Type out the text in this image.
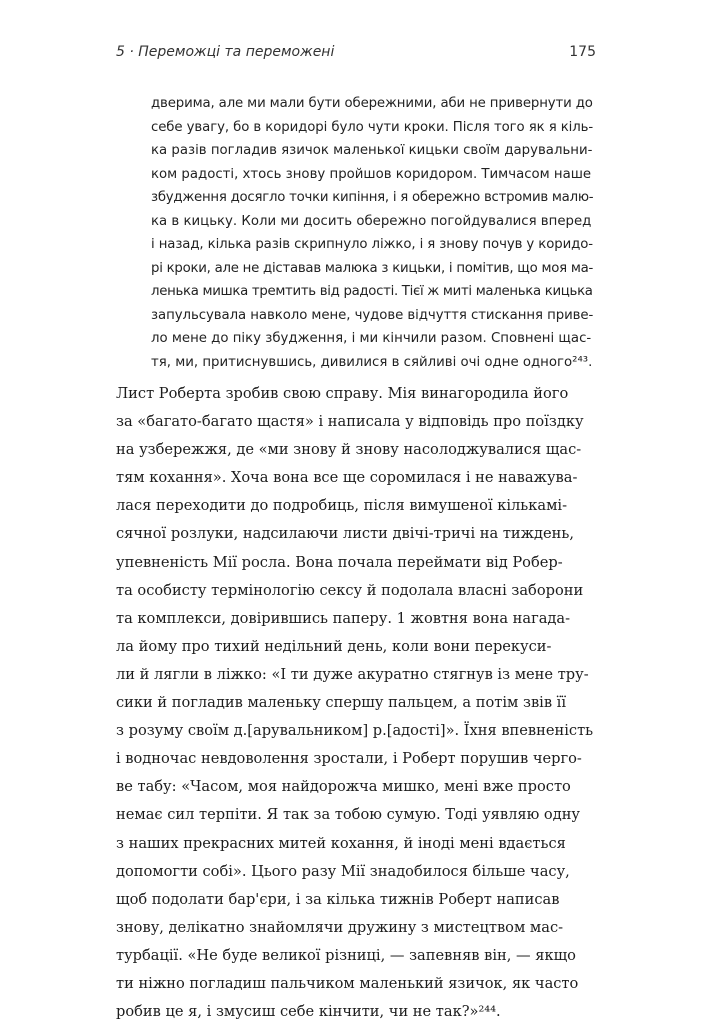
5 · Переможці та переможені	175
дверима, але ми мали бути обережними, аби не привернути до
себе увагу, бо в коридорі було чути кроки. Після того як я кіль-
ка разів погладив язичок маленької кицьки своїм дарувальни-
ком радості, хтось знову пройшов коридором. Тимчасом наше
збудження досягло точки кипіння, і я обережно встромив малю-
ка в кицьку. Коли ми досить обережно погойдувалися вперед
і назад, кілька разів скрипнуло ліжко, і я знову почув у коридо-
рі кроки, але не діставав малюка з кицьки, і помітив, що моя ма-
ленька мишка тремтить від радості. Тієї ж миті маленька кицька
запульсувала навколо мене, чудове відчуття стискання приве-
ло мене до піку збудження, і ми кінчили разом. Сповнені щас-
тя, ми, притиснувшись, дивилися в сяйливі очі одне одного²⁴³.
Лист Роберта зробив свою справу. Мія винагородила його
за «багато-багато щастя» і написала у відповідь про поїздку
на узбережжя, де «ми знову й знову насолоджувалися щас-
тям кохання». Хоча вона все ще соромилася і не наважува-
лася переходити до подробиць, після вимушеної кількамі-
сячної розлуки, надсилаючи листи двічі-тричі на тиждень,
упевненість Мії росла. Вона почала переймати від Робер-
та особисту термінологію сексу й подолала власні заборони
та комплекси, довірившись паперу. 1 жовтня вона нагада-
ла йому про тихий недільний день, коли вони перекуси-
ли й лягли в ліжко: «І ти дуже акуратно стягнув із мене тру-
сики й погладив маленьку спершу пальцем, а потім звів її
з розуму своїм д.[арувальником] р.[адості]». Їхня впевненість
і водночас невдоволення зростали, і Роберт порушив черго-
ве табу: «Часом, моя найдорожча мишко, мені вже просто
немає сил терпіти. Я так за тобою сумую. Тоді уявляю одну
з наших прекрасних митей кохання, й іноді мені вдається
допомогти собі». Цього разу Мії знадобилося більше часу,
щоб подолати бар'єри, і за кілька тижнів Роберт написав
знову, делікатно знайомлячи дружину з мистецтвом мас-
турбації. «Не буде великої різниці, — запевняв він, — якщо
ти ніжно погладиш пальчиком маленький язичок, як часто
робив це я, і змусиш себе кінчити, чи не так?»²⁴⁴.
